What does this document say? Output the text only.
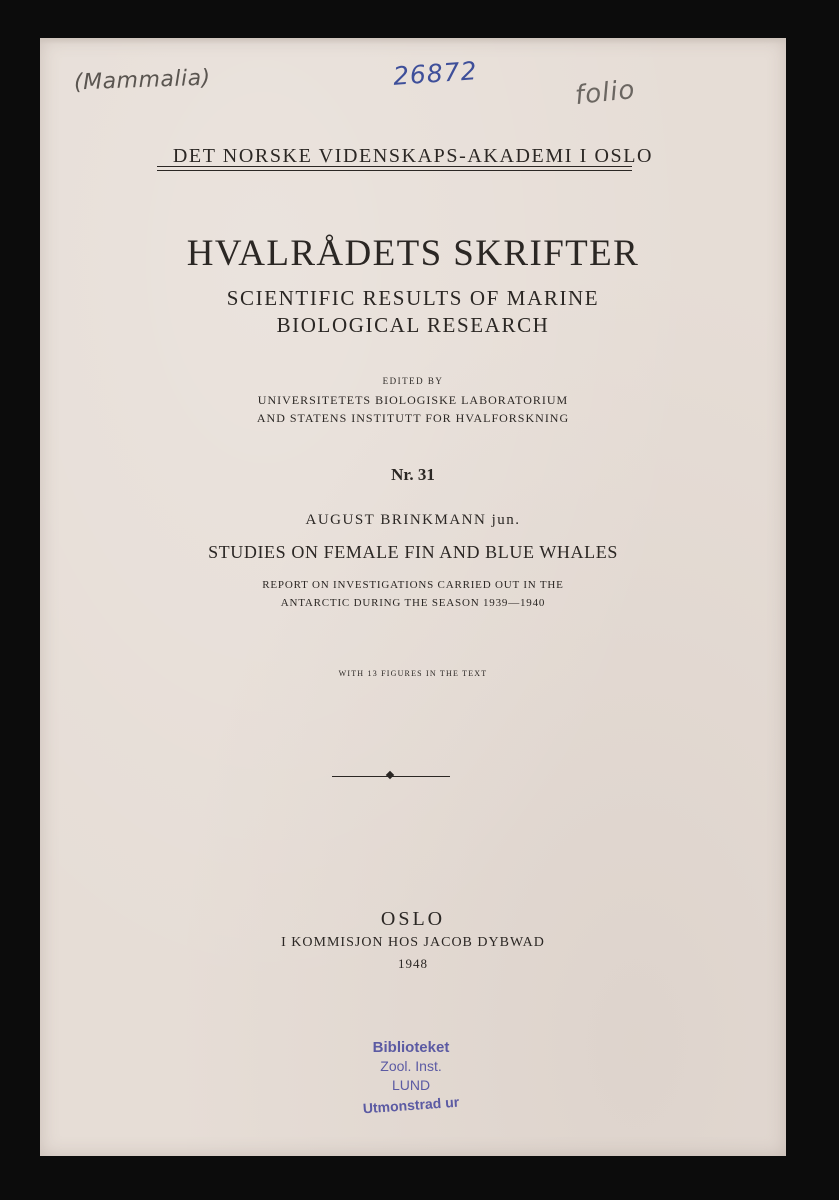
(Mammalia)	26872
folio
DET NORSKE VIDENSKAPS-AKADEMI I OSLO
HVALRÅDETS SKRIFTER
SCIENTIFIC RESULTS OF MARINE
BIOLOGICAL RESEARCH
EDITED BY
UNIVERSITETETS BIOLOGISKE LABORATORIUM
AND STATENS INSTITUTT FOR HVALFORSKNING
Nr. 31
AUGUST BRINKMANN jun.
STUDIES ON FEMALE FIN AND BLUE WHALES
REPORT ON INVESTIGATIONS CARRIED OUT IN THE
ANTARCTIC DURING THE SEASON 1939—1940
WITH 13 FIGURES IN THE TEXT
OSLO
I KOMMISJON HOS JACOB DYBWAD
1948
Biblioteket
Zool. Inst.
LUND
Utmonstrad ur
